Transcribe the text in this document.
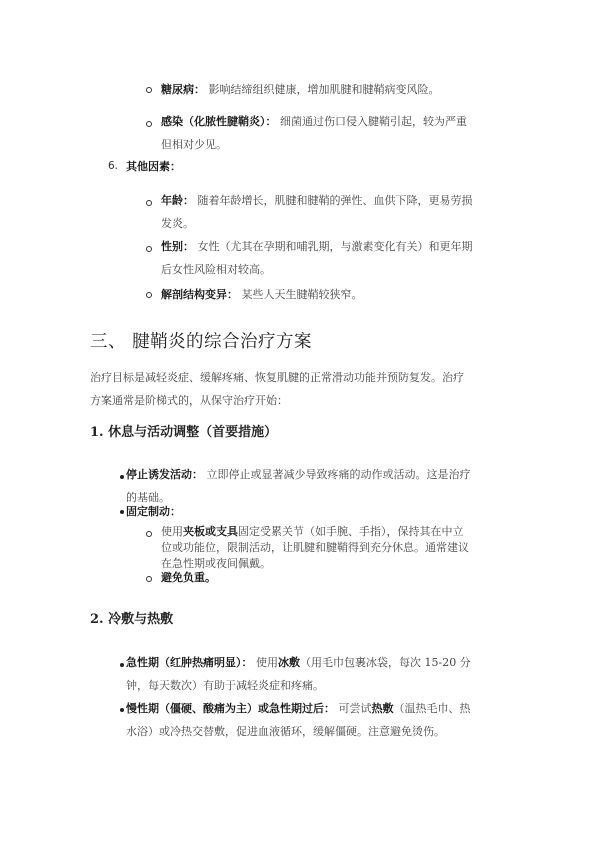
糖尿病： 影响结缔组织健康，增加肌腱和腱鞘病变风险。

感染（化脓性腱鞘炎）： 细菌通过伤口侵入腱鞘引起，较为严重
但相对少见。

6. 其他因素：

年龄： 随着年龄增长，肌腱和腱鞘的弹性、血供下降，更易劳损
发炎。

性别： 女性（尤其在孕期和哺乳期，与激素变化有关）和更年期
后女性风险相对较高。

解剖结构变异： 某些人天生腱鞘较狭窄。

三、 腱鞘炎的综合治疗方案

治疗目标是减轻炎症、缓解疼痛、恢复肌腱的正常滑动功能并预防复发。治疗
方案通常是阶梯式的，从保守治疗开始：

1. 休息与活动调整（首要措施）

停止诱发活动： 立即停止或显著减少导致疼痛的动作或活动。这是治疗
的基础。

固定制动：

使用夹板或支具固定受累关节（如手腕、手指），保持其在中立
位或功能位，限制活动，让肌腱和腱鞘得到充分休息。通常建议
在急性期或夜间佩戴。

避免负重。

2. 冷敷与热敷

急性期（红肿热痛明显）： 使用冰敷（用毛巾包裹冰袋，每次 15-20 分
钟，每天数次）有助于减轻炎症和疼痛。

慢性期（僵硬、酸痛为主）或急性期过后： 可尝试热敷（温热毛巾、热
水浴）或冷热交替敷，促进血液循环，缓解僵硬。注意避免烫伤。
